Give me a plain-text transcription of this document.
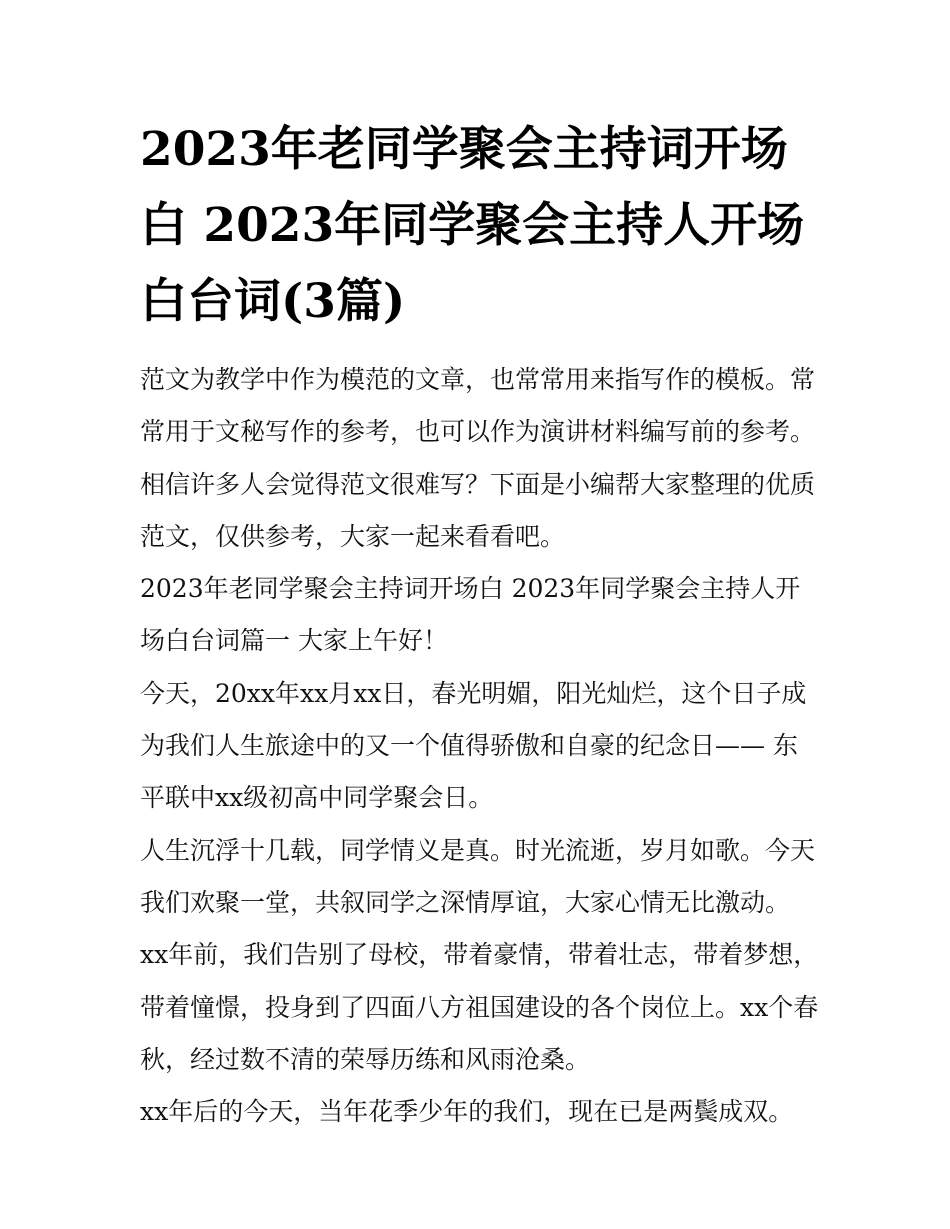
2023年老同学聚会主持词开场白 2023年同学聚会主持人开场白台词(3篇)

范文为教学中作为模范的文章，也常常用来指写作的模板。常常用于文秘写作的参考，也可以作为演讲材料编写前的参考。相信许多人会觉得范文很难写？下面是小编帮大家整理的优质范文，仅供参考，大家一起来看看吧。

2023年老同学聚会主持词开场白 2023年同学聚会主持人开场白台词篇一 大家上午好！

今天，20xx年xx月xx日，春光明媚，阳光灿烂，这个日子成为我们人生旅途中的又一个值得骄傲和自豪的纪念日—— 东平联中xx级初高中同学聚会日。

人生沉浮十几载，同学情义是真。时光流逝，岁月如歌。今天我们欢聚一堂，共叙同学之深情厚谊，大家心情无比激动。

xx年前，我们告别了母校，带着豪情，带着壮志，带着梦想，带着憧憬，投身到了四面八方祖国建设的各个岗位上。xx个春秋，经过数不清的荣辱历练和风雨沧桑。

xx年后的今天，当年花季少年的我们，现在已是两鬓成双。
